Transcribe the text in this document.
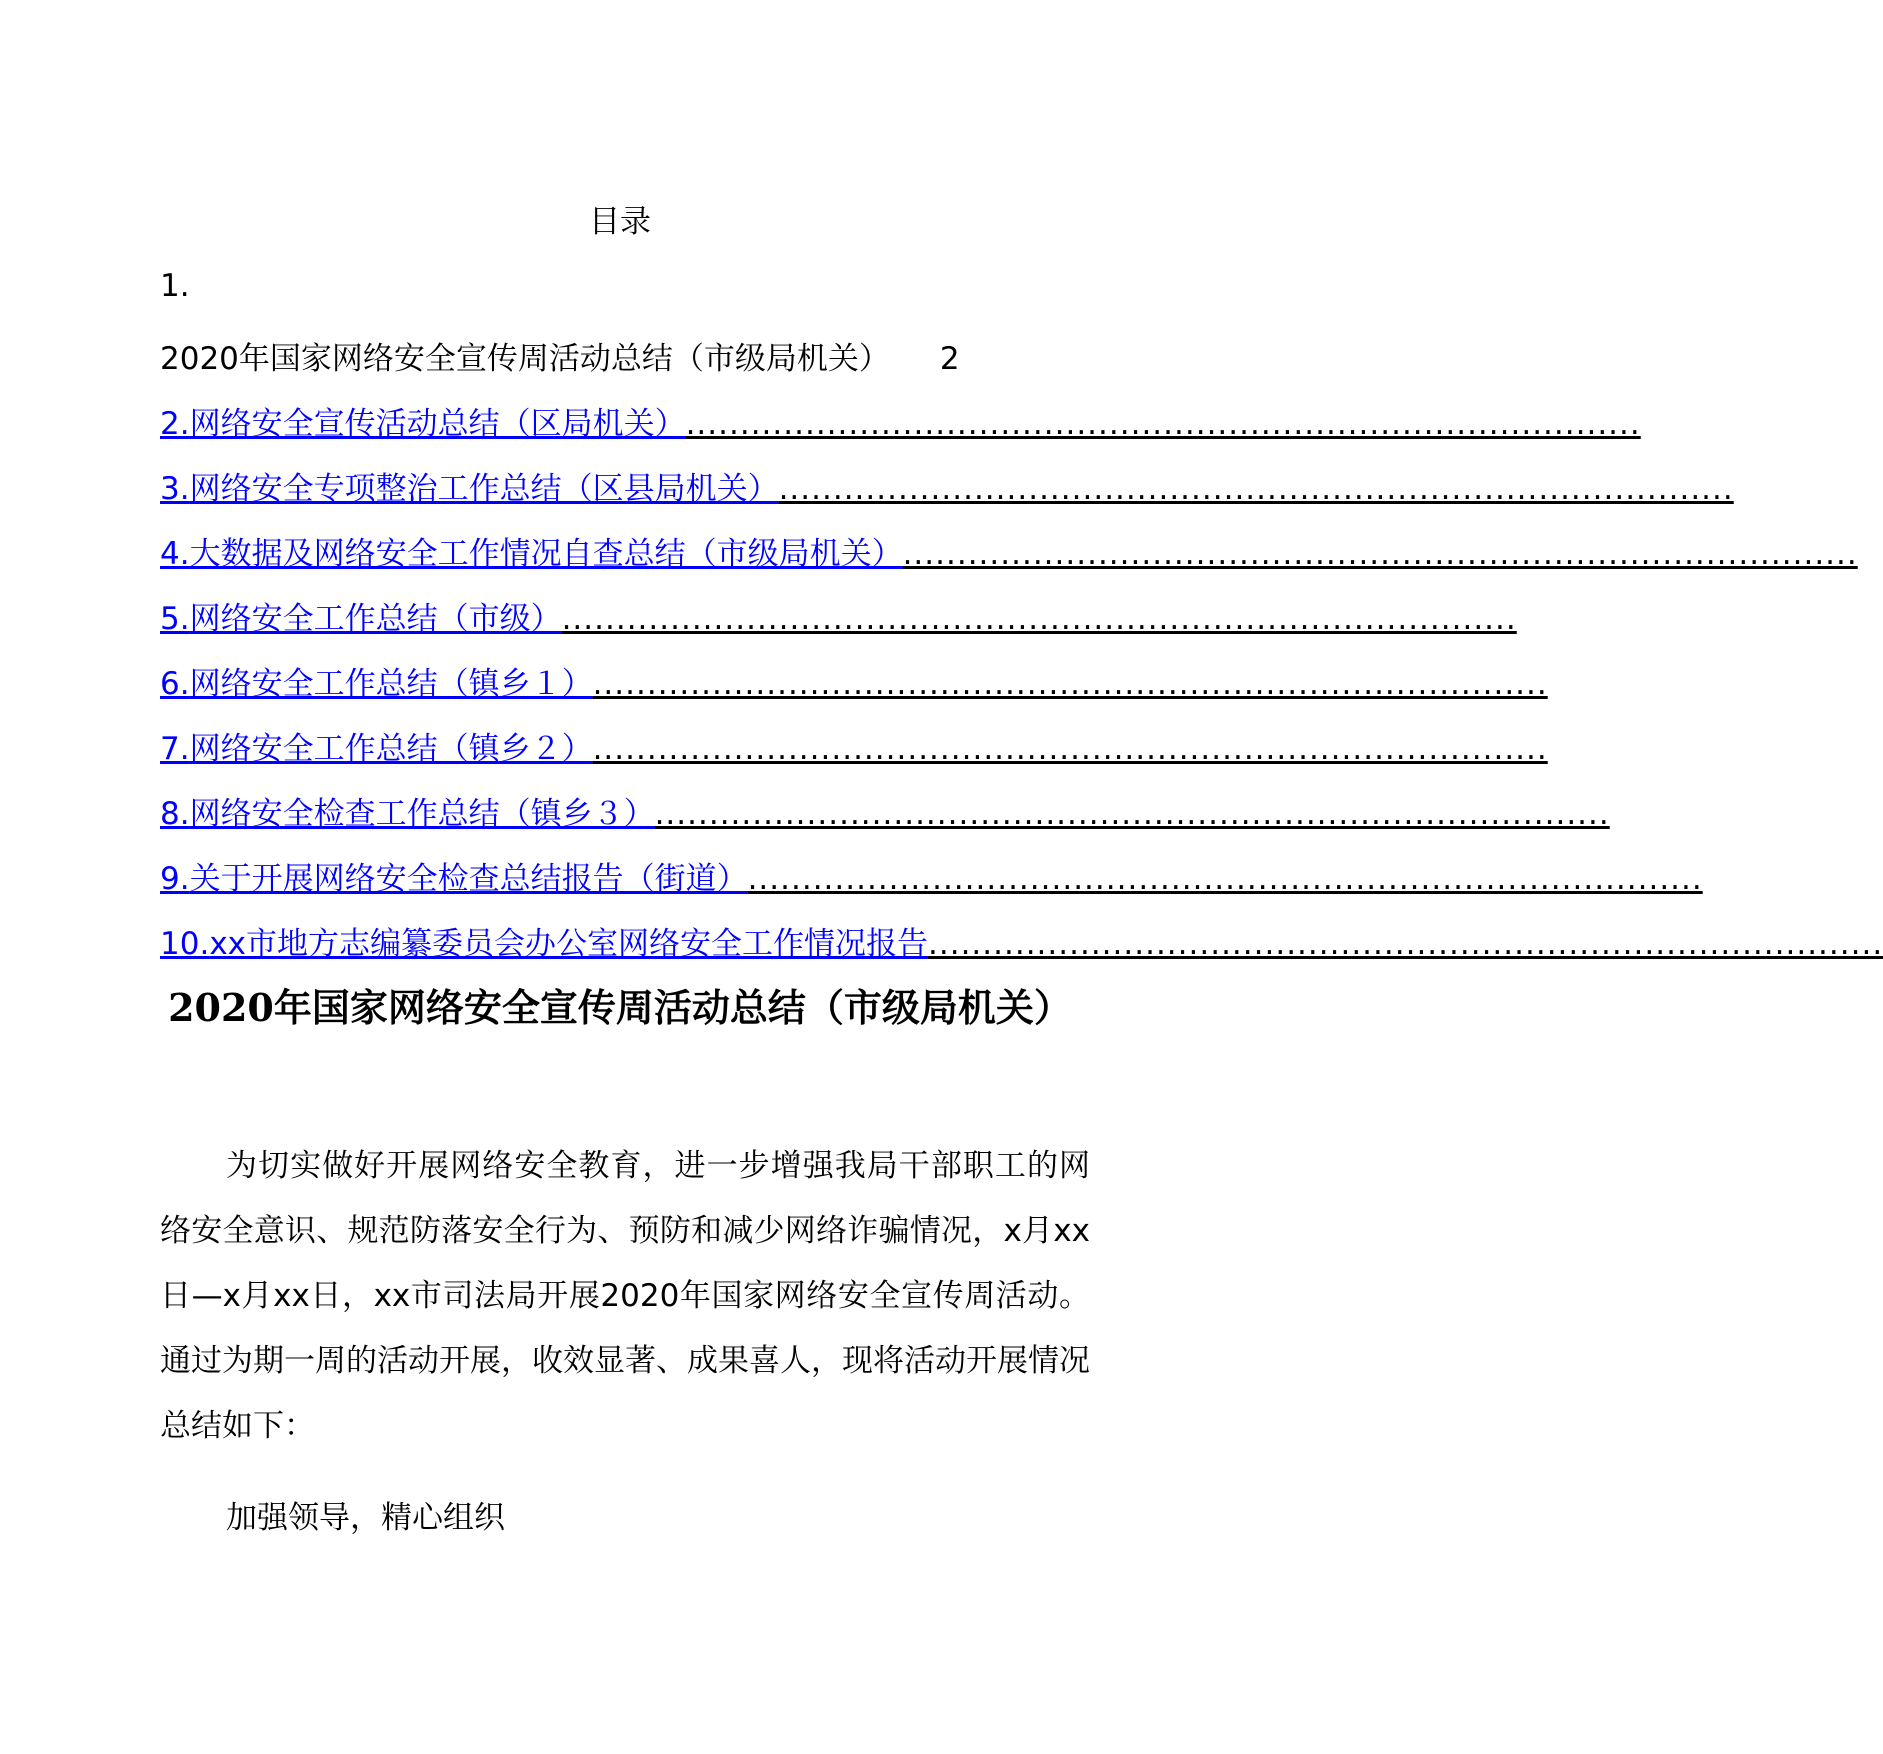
目录
1.
2020年国家网络安全宣传周活动总结（市级局机关） 2
2.网络安全宣传活动总结（区局机关）........................................................................................
3.网络安全专项整治工作总结（区县局机关）........................................................................................
4.大数据及网络安全工作情况自查总结（市级局机关）........................................................................................
5.网络安全工作总结（市级）........................................................................................
6.网络安全工作总结（镇乡１）........................................................................................
7.网络安全工作总结（镇乡２）........................................................................................
8.网络安全检查工作总结（镇乡３）........................................................................................
9.关于开展网络安全检查总结报告（街道）........................................................................................
10.xx市地方志编纂委员会办公室网络安全工作情况报告........................................................................................
2020年国家网络安全宣传周活动总结（市级局机关）
为切实做好开展网络安全教育，进一步增强我局干部职工的网络安全意识、规范防落安全行为、预防和减少网络诈骗情况，x月xx日—x月xx日，xx市司法局开展2020年国家网络安全宣传周活动。通过为期一周的活动开展，收效显著、成果喜人，现将活动开展情况总结如下：
加强领导，精心组织
